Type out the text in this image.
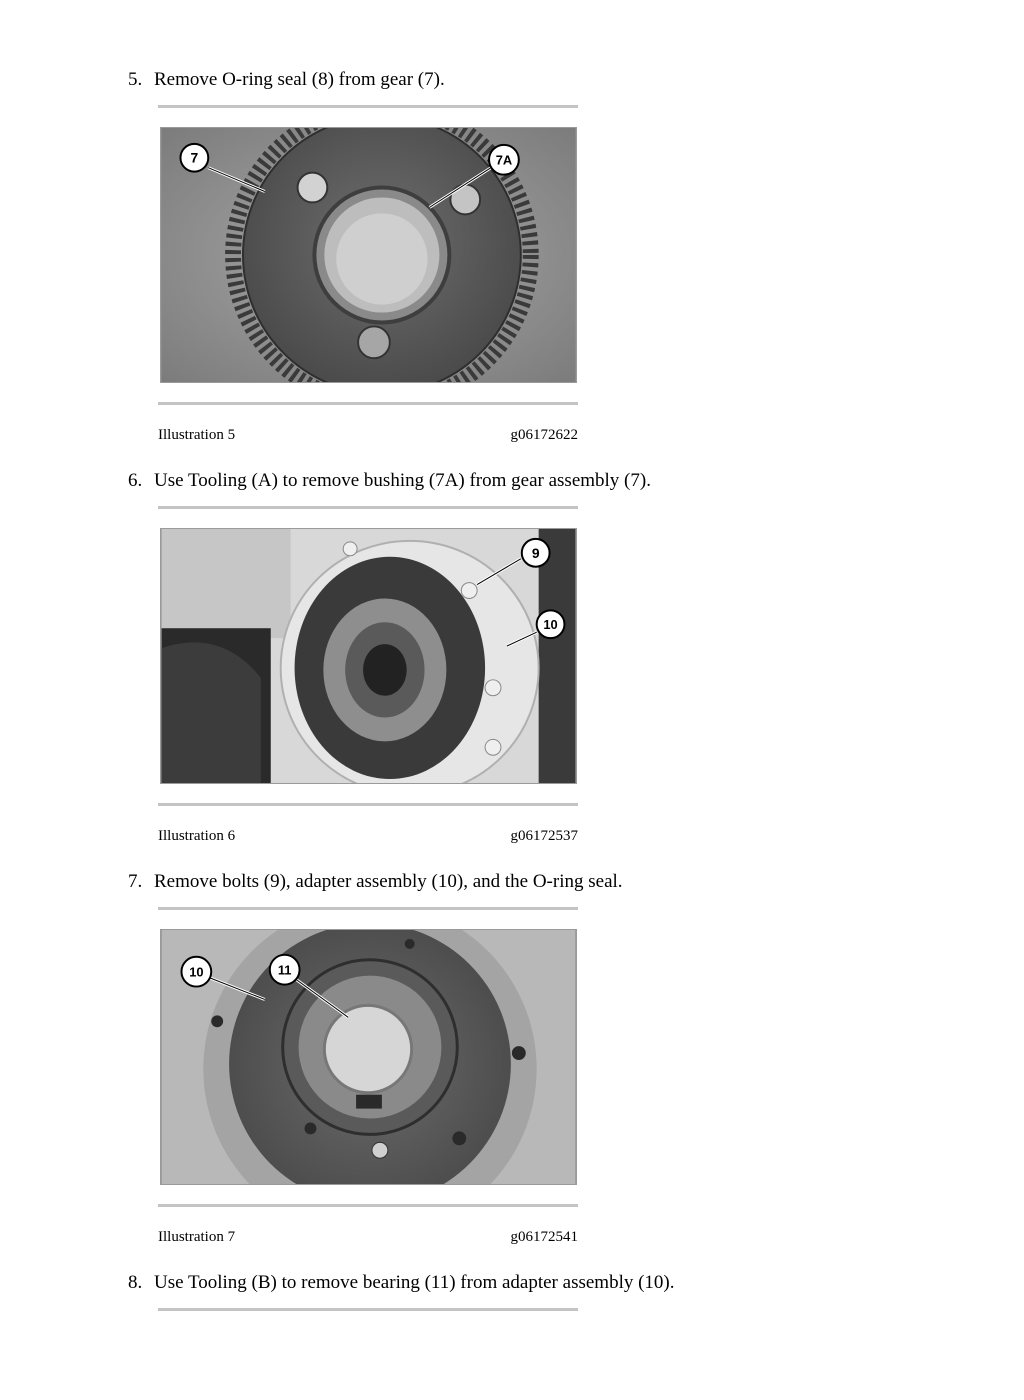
5. Remove O-ring seal (8) from gear (7).
7	7A
Illustration 5	g06172622
6. Use Tooling (A) to remove bushing (7A) from gear assembly (7).
9
10
Illustration 6	g06172537
7. Remove bolts (9), adapter assembly (10), and the O-ring seal.
10	11
Illustration 7	g06172541
8. Use Tooling (B) to remove bearing (11) from adapter assembly (10).
